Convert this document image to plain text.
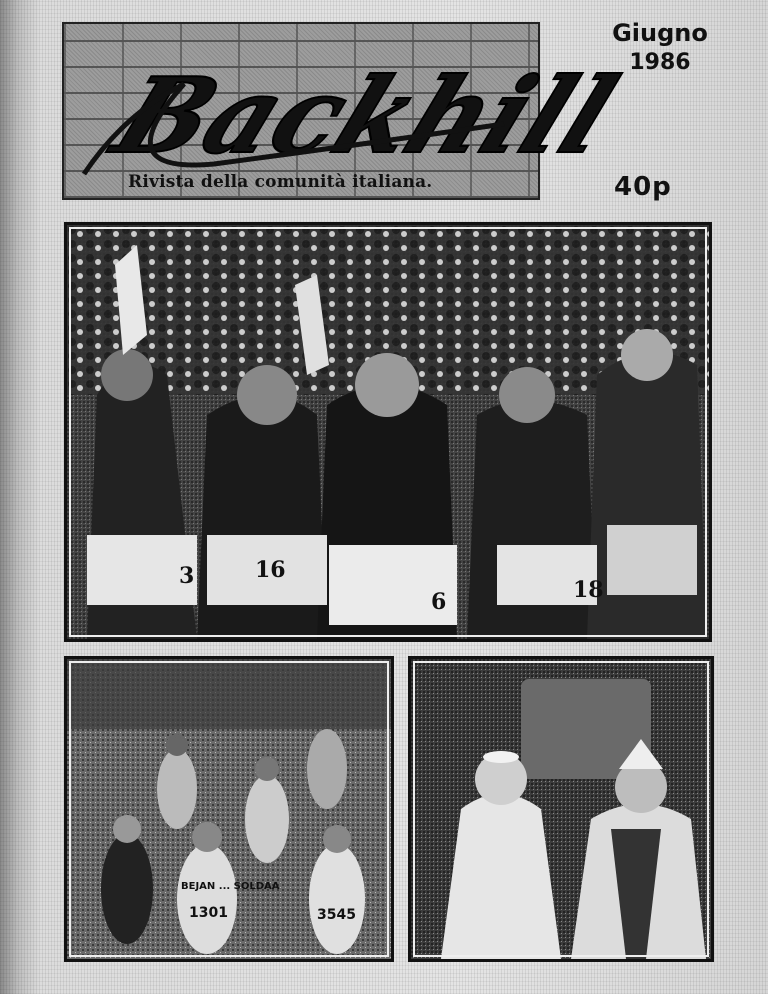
Backhill
Rivista della comunità italiana.
Giugno
1986
40p
3	16
6	18
BEJAN ... SOLDAA
1301	3545
